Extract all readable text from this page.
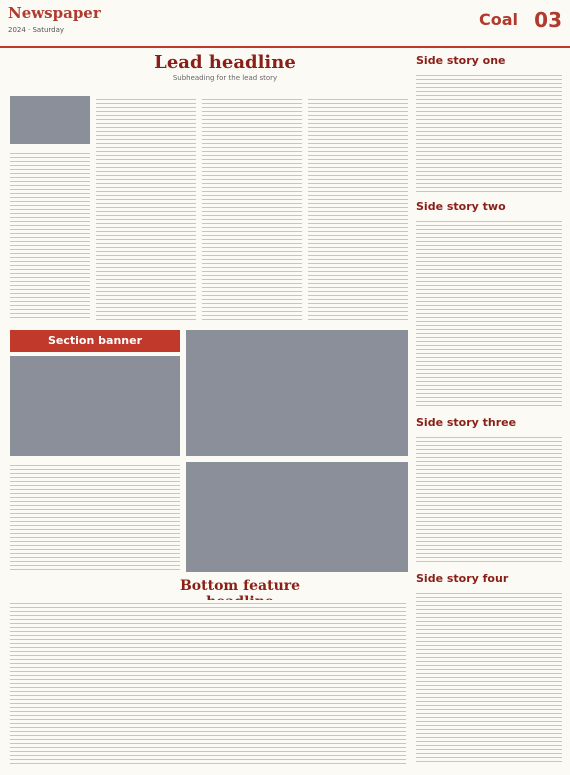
Newspaper
2024 · Saturday
Coal 03
Lead headline
Subheading for the lead story
Section banner
Side story one
Side story two
Side story three
Side story four
Bottom feature
